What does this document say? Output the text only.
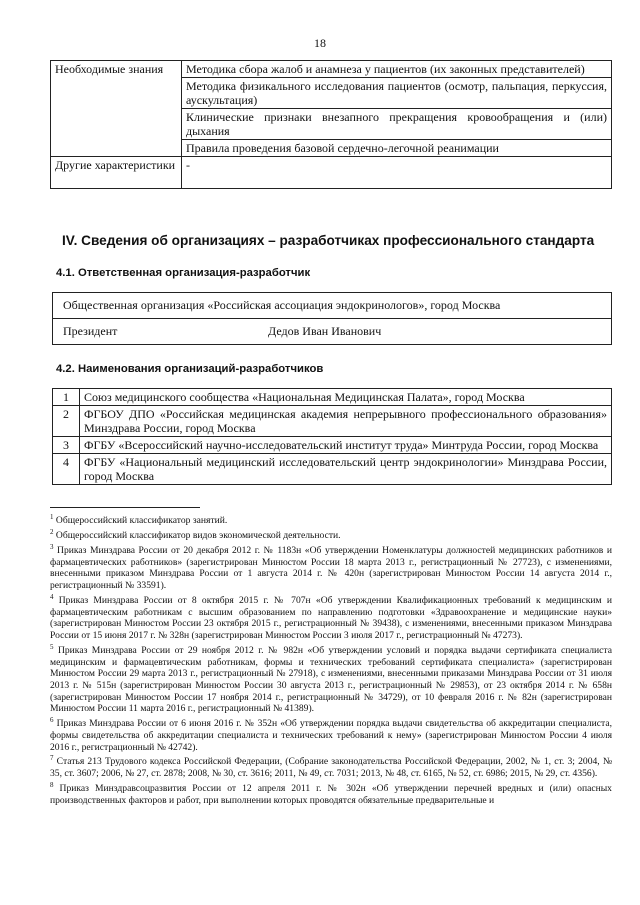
18
Необходимые знания	Методика сбора жалоб и анамнеза у пациентов (их законных представителей)
	Методика физикального исследования пациентов (осмотр, пальпация, перкуссия, аускультация)
	Клинические признаки внезапного прекращения кровообращения и (или) дыхания
	Правила проведения базовой сердечно-легочной реанимации
Другие характеристики	-
IV. Сведения об организациях – разработчиках профессионального стандарта
4.1. Ответственная организация-разработчик
Общественная организация «Российская ассоциация эндокринологов», город Москва
Президент	Дедов Иван Иванович
4.2. Наименования организаций-разработчиков
1	Союз медицинского сообщества «Национальная Медицинская Палата», город Москва
2	ФГБОУ ДПО «Российская медицинская академия непрерывного профессионального образования» Минздрава России, город Москва
3	ФГБУ «Всероссийский научно-исследовательский институт труда» Минтруда России, город Москва
4	ФГБУ «Национальный медицинский исследовательский центр эндокринологии» Минздрава России, город Москва

$^1$ Общероссийский классификатор занятий.

$^2$ Общероссийский классификатор видов экономической деятельности.

$^3$ Приказ Минздрава России от 20 декабря 2012 г. № 1183н «Об утверждении Номенклатуры должностей медицинских работников и фармацевтических работников» (зарегистрирован Минюстом России 18 марта 2013 г., регистрационный № 27723), с изменениями, внесенными приказом Минздрава России от 1 августа 2014 г. № 420н (зарегистрирован Минюстом России 14 августа 2014 г., регистрационный № 33591).

$^4$ Приказ Минздрава России от 8 октября 2015 г. № 707н «Об утверждении Квалификационных требований к медицинским и фармацевтическим работникам с высшим образованием по направлению подготовки «Здравоохранение и медицинские науки» (зарегистрирован Минюстом России 23 октября 2015 г., регистрационный № 39438), с изменениями, внесенными приказом Минздрава России от 15 июня 2017 г. № 328н (зарегистрирован Минюстом России 3 июля 2017 г., регистрационный № 47273).

$^5$ Приказ Минздрава России от 29 ноября 2012 г. № 982н «Об утверждении условий и порядка выдачи сертификата специалиста медицинским и фармацевтическим работникам, формы и технических требований сертификата специалиста» (зарегистрирован Минюстом России 29 марта 2013 г., регистрационный № 27918), с изменениями, внесенными приказами Минздрава России от 31 июля 2013 г. № 515н (зарегистрирован Минюстом России 30 августа 2013 г., регистрационный № 29853), от 23 октября 2014 г. № 658н (зарегистрирован Минюстом России 17 ноября 2014 г., регистрационный № 34729), от 10 февраля 2016 г. № 82н (зарегистрирован Минюстом России 11 марта 2016 г., регистрационный № 41389).

$^6$ Приказ Минздрава России от 6 июня 2016 г. № 352н «Об утверждении порядка выдачи свидетельства об аккредитации специалиста, формы свидетельства об аккредитации специалиста и технических требований к нему» (зарегистрирован Минюстом России 4 июля 2016 г., регистрационный № 42742).

$^7$ Статья 213 Трудового кодекса Российской Федерации, (Собрание законодательства Российской Федерации, 2002, № 1, ст. 3; 2004, № 35, ст. 3607; 2006, № 27, ст. 2878; 2008, № 30, ст. 3616; 2011, № 49, ст. 7031; 2013, № 48, ст. 6165, № 52, ст. 6986; 2015, № 29, ст. 4356).

$^8$ Приказ Минздравсоцразвития России от 12 апреля 2011 г. № 302н «Об утверждении перечней вредных и (или) опасных производственных факторов и работ, при выполнении которых проводятся обязательные предварительные и
